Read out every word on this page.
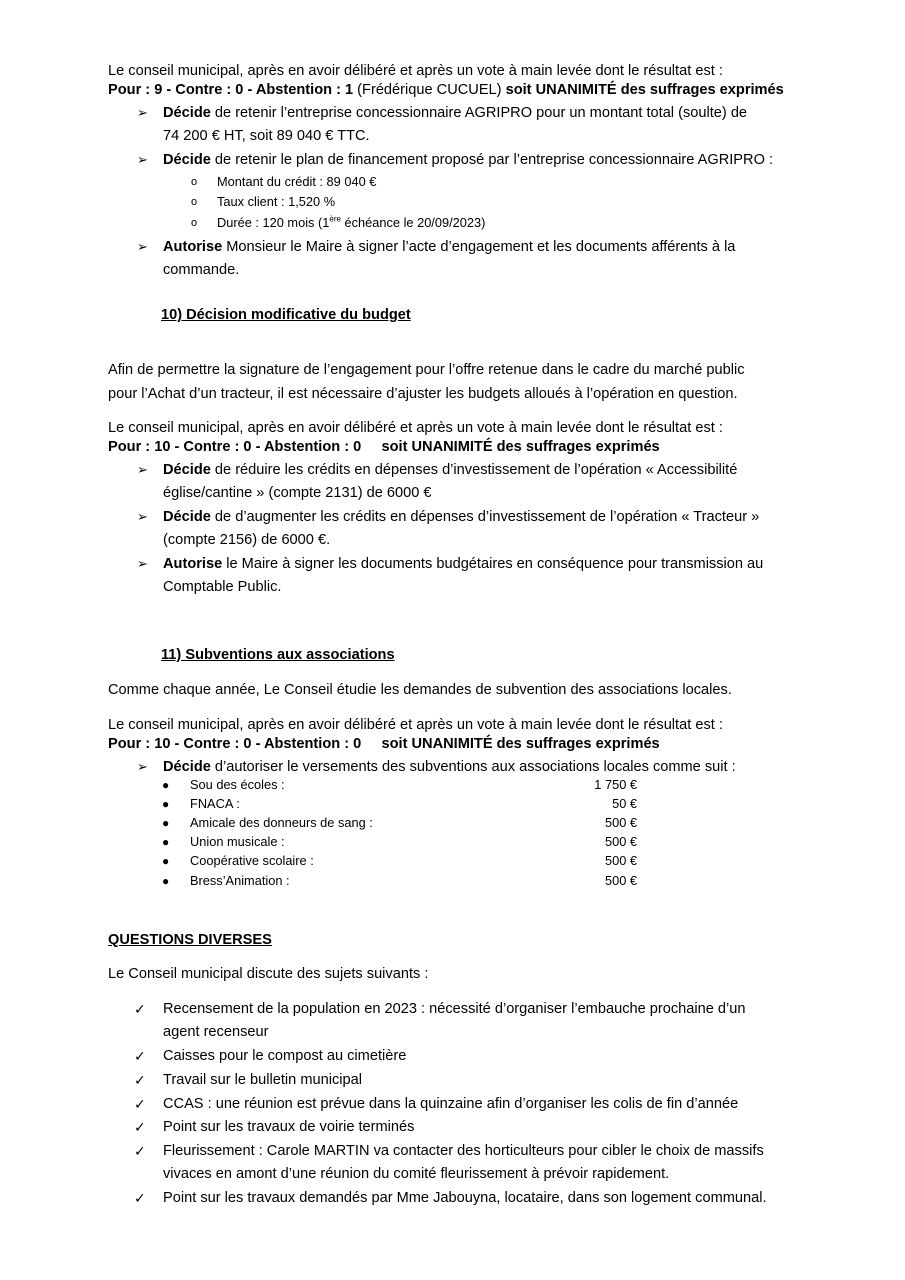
Le conseil municipal, après en avoir délibéré et après un vote à main levée dont le résultat est :
Pour : 9 - Contre : 0 - Abstention : 1 (Frédérique CUCUEL) soit UNANIMITÉ des suffrages exprimés
➢ Décide de retenir l’entreprise concessionnaire AGRIPRO pour un montant total (soulte) de
74 200 € HT, soit 89 040 € TTC.
➢ Décide de retenir le plan de financement proposé par l’entreprise concessionnaire AGRIPRO :
o Montant du crédit : 89 040 €
o Taux client : 1,520 %
o Durée : 120 mois (1ère échéance le 20/09/2023)
➢ Autorise Monsieur le Maire à signer l’acte d’engagement et les documents afférents à la
commande.
10) Décision modificative du budget
Afin de permettre la signature de l’engagement pour l’offre retenue dans le cadre du marché public
pour l’Achat d’un tracteur, il est nécessaire d’ajuster les budgets alloués à l’opération en question.
Le conseil municipal, après en avoir délibéré et après un vote à main levée dont le résultat est :
Pour : 10 - Contre : 0 - Abstention : 0     soit UNANIMITÉ des suffrages exprimés
➢ Décide de réduire les crédits en dépenses d’investissement de l’opération « Accessibilité
église/cantine » (compte 2131) de 6000 €
➢ Décide de d’augmenter les crédits en dépenses d’investissement de l’opération « Tracteur »
(compte 2156) de 6000 €.
➢ Autorise le Maire à signer les documents budgétaires en conséquence pour transmission au
Comptable Public.
11) Subventions aux associations
Comme chaque année, Le Conseil étudie les demandes de subvention des associations locales.
Le conseil municipal, après en avoir délibéré et après un vote à main levée dont le résultat est :
Pour : 10 - Contre : 0 - Abstention : 0     soit UNANIMITÉ des suffrages exprimés
➢ Décide d’autoriser le versements des subventions aux associations locales comme suit :
● Sou des écoles :	1 750 €
● FNACA :	50 €
● Amicale des donneurs de sang :	500 €
● Union musicale :	500 €
● Coopérative scolaire :	500 €
● Bress’Animation :	500 €
QUESTIONS DIVERSES
Le Conseil municipal discute des sujets suivants :
✓ Recensement de la population en 2023 : nécessité d’organiser l’embauche prochaine d’un
agent recenseur
✓ Caisses pour le compost au cimetière
✓ Travail sur le bulletin municipal
✓ CCAS : une réunion est prévue dans la quinzaine afin d’organiser les colis de fin d’année
✓ Point sur les travaux de voirie terminés
✓ Fleurissement : Carole MARTIN va contacter des horticulteurs pour cibler le choix de massifs
vivaces en amont d’une réunion du comité fleurissement à prévoir rapidement.
✓ Point sur les travaux demandés par Mme Jabouyna, locataire, dans son logement communal.
